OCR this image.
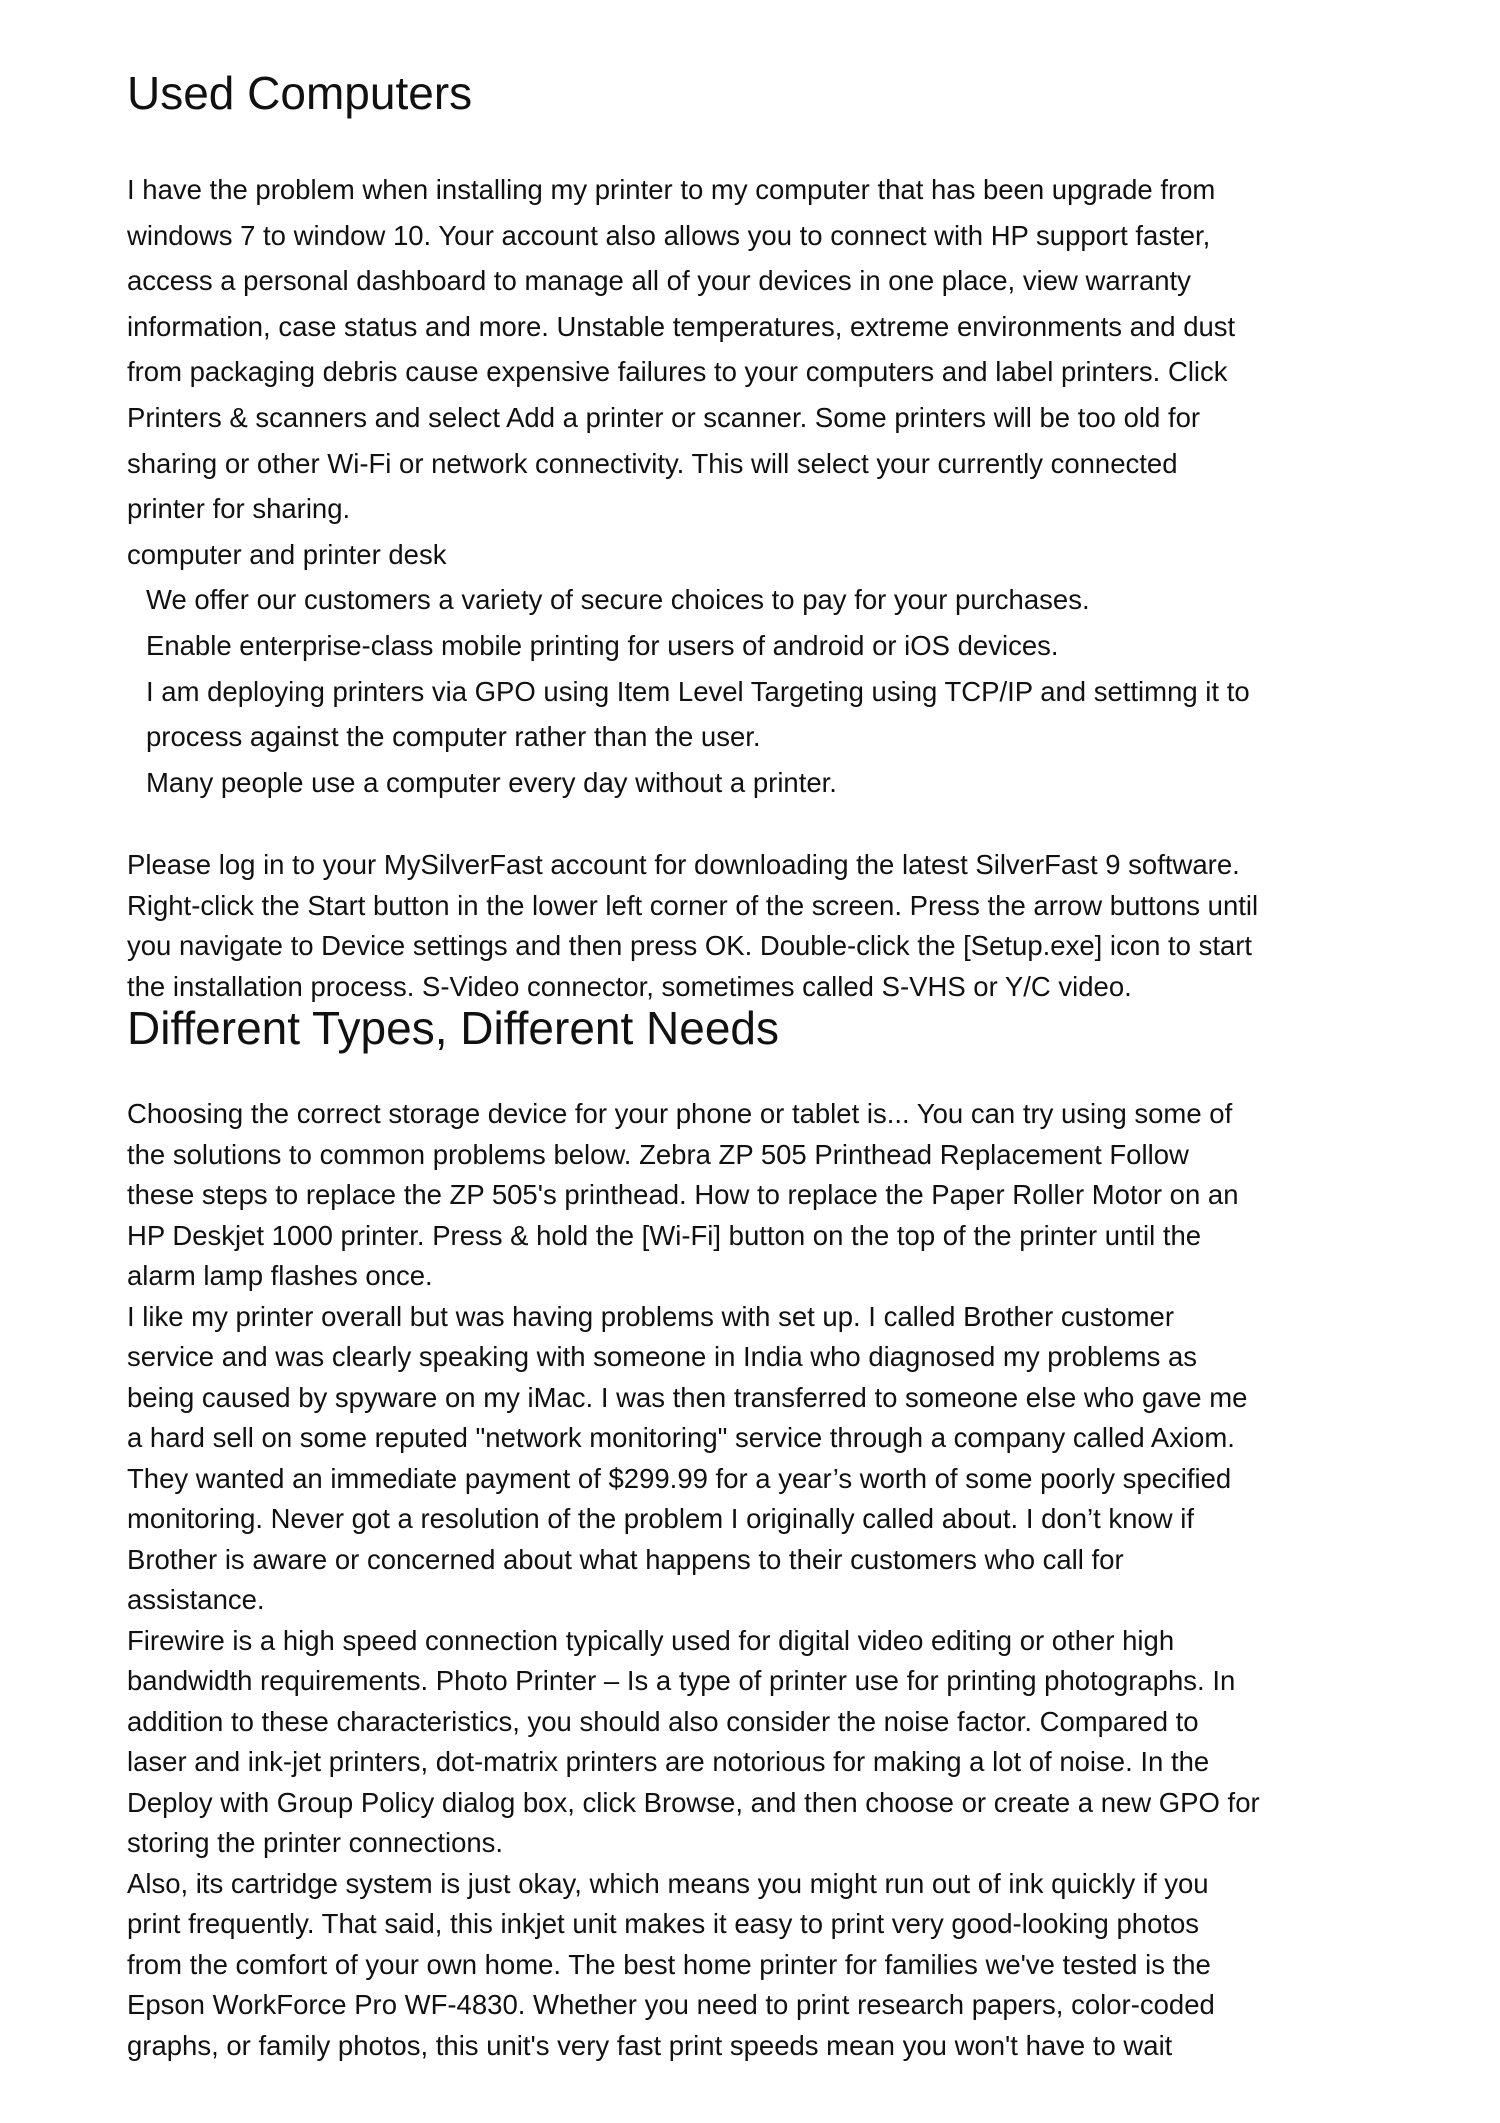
Used Computers
I have the problem when installing my printer to my computer that has been upgrade from
windows 7 to window 10. Your account also allows you to connect with HP support faster,
access a personal dashboard to manage all of your devices in one place, view warranty
information, case status and more. Unstable temperatures, extreme environments and dust
from packaging debris cause expensive failures to your computers and label printers. Click
Printers & scanners and select Add a printer or scanner. Some printers will be too old for
sharing or other Wi-Fi or network connectivity. This will select your currently connected
printer for sharing.
computer and printer desk
We offer our customers a variety of secure choices to pay for your purchases.
Enable enterprise-class mobile printing for users of android or iOS devices.
I am deploying printers via GPO using Item Level Targeting using TCP/IP and settimng it to
process against the computer rather than the user.
Many people use a computer every day without a printer.
Please log in to your MySilverFast account for downloading the latest SilverFast 9 software.
Right-click the Start button in the lower left corner of the screen. Press the arrow buttons until
you navigate to Device settings and then press OK. Double-click the [Setup.exe] icon to start
the installation process. S-Video connector, sometimes called S-VHS or Y/C video.
Different Types, Different Needs
Choosing the correct storage device for your phone or tablet is... You can try using some of
the solutions to common problems below. Zebra ZP 505 Printhead Replacement Follow
these steps to replace the ZP 505's printhead. How to replace the Paper Roller Motor on an
HP Deskjet 1000 printer. Press & hold the [Wi-Fi] button on the top of the printer until the
alarm lamp flashes once.
I like my printer overall but was having problems with set up. I called Brother customer
service and was clearly speaking with someone in India who diagnosed my problems as
being caused by spyware on my iMac. I was then transferred to someone else who gave me
a hard sell on some reputed "network monitoring" service through a company called Axiom.
They wanted an immediate payment of $299.99 for a year’s worth of some poorly specified
monitoring. Never got a resolution of the problem I originally called about. I don’t know if
Brother is aware or concerned about what happens to their customers who call for
assistance.
Firewire is a high speed connection typically used for digital video editing or other high
bandwidth requirements. Photo Printer – Is a type of printer use for printing photographs. In
addition to these characteristics, you should also consider the noise factor. Compared to
laser and ink-jet printers, dot-matrix printers are notorious for making a lot of noise. In the
Deploy with Group Policy dialog box, click Browse, and then choose or create a new GPO for
storing the printer connections.
Also, its cartridge system is just okay, which means you might run out of ink quickly if you
print frequently. That said, this inkjet unit makes it easy to print very good-looking photos
from the comfort of your own home. The best home printer for families we've tested is the
Epson WorkForce Pro WF-4830. Whether you need to print research papers, color-coded
graphs, or family photos, this unit's very fast print speeds mean you won't have to wait
